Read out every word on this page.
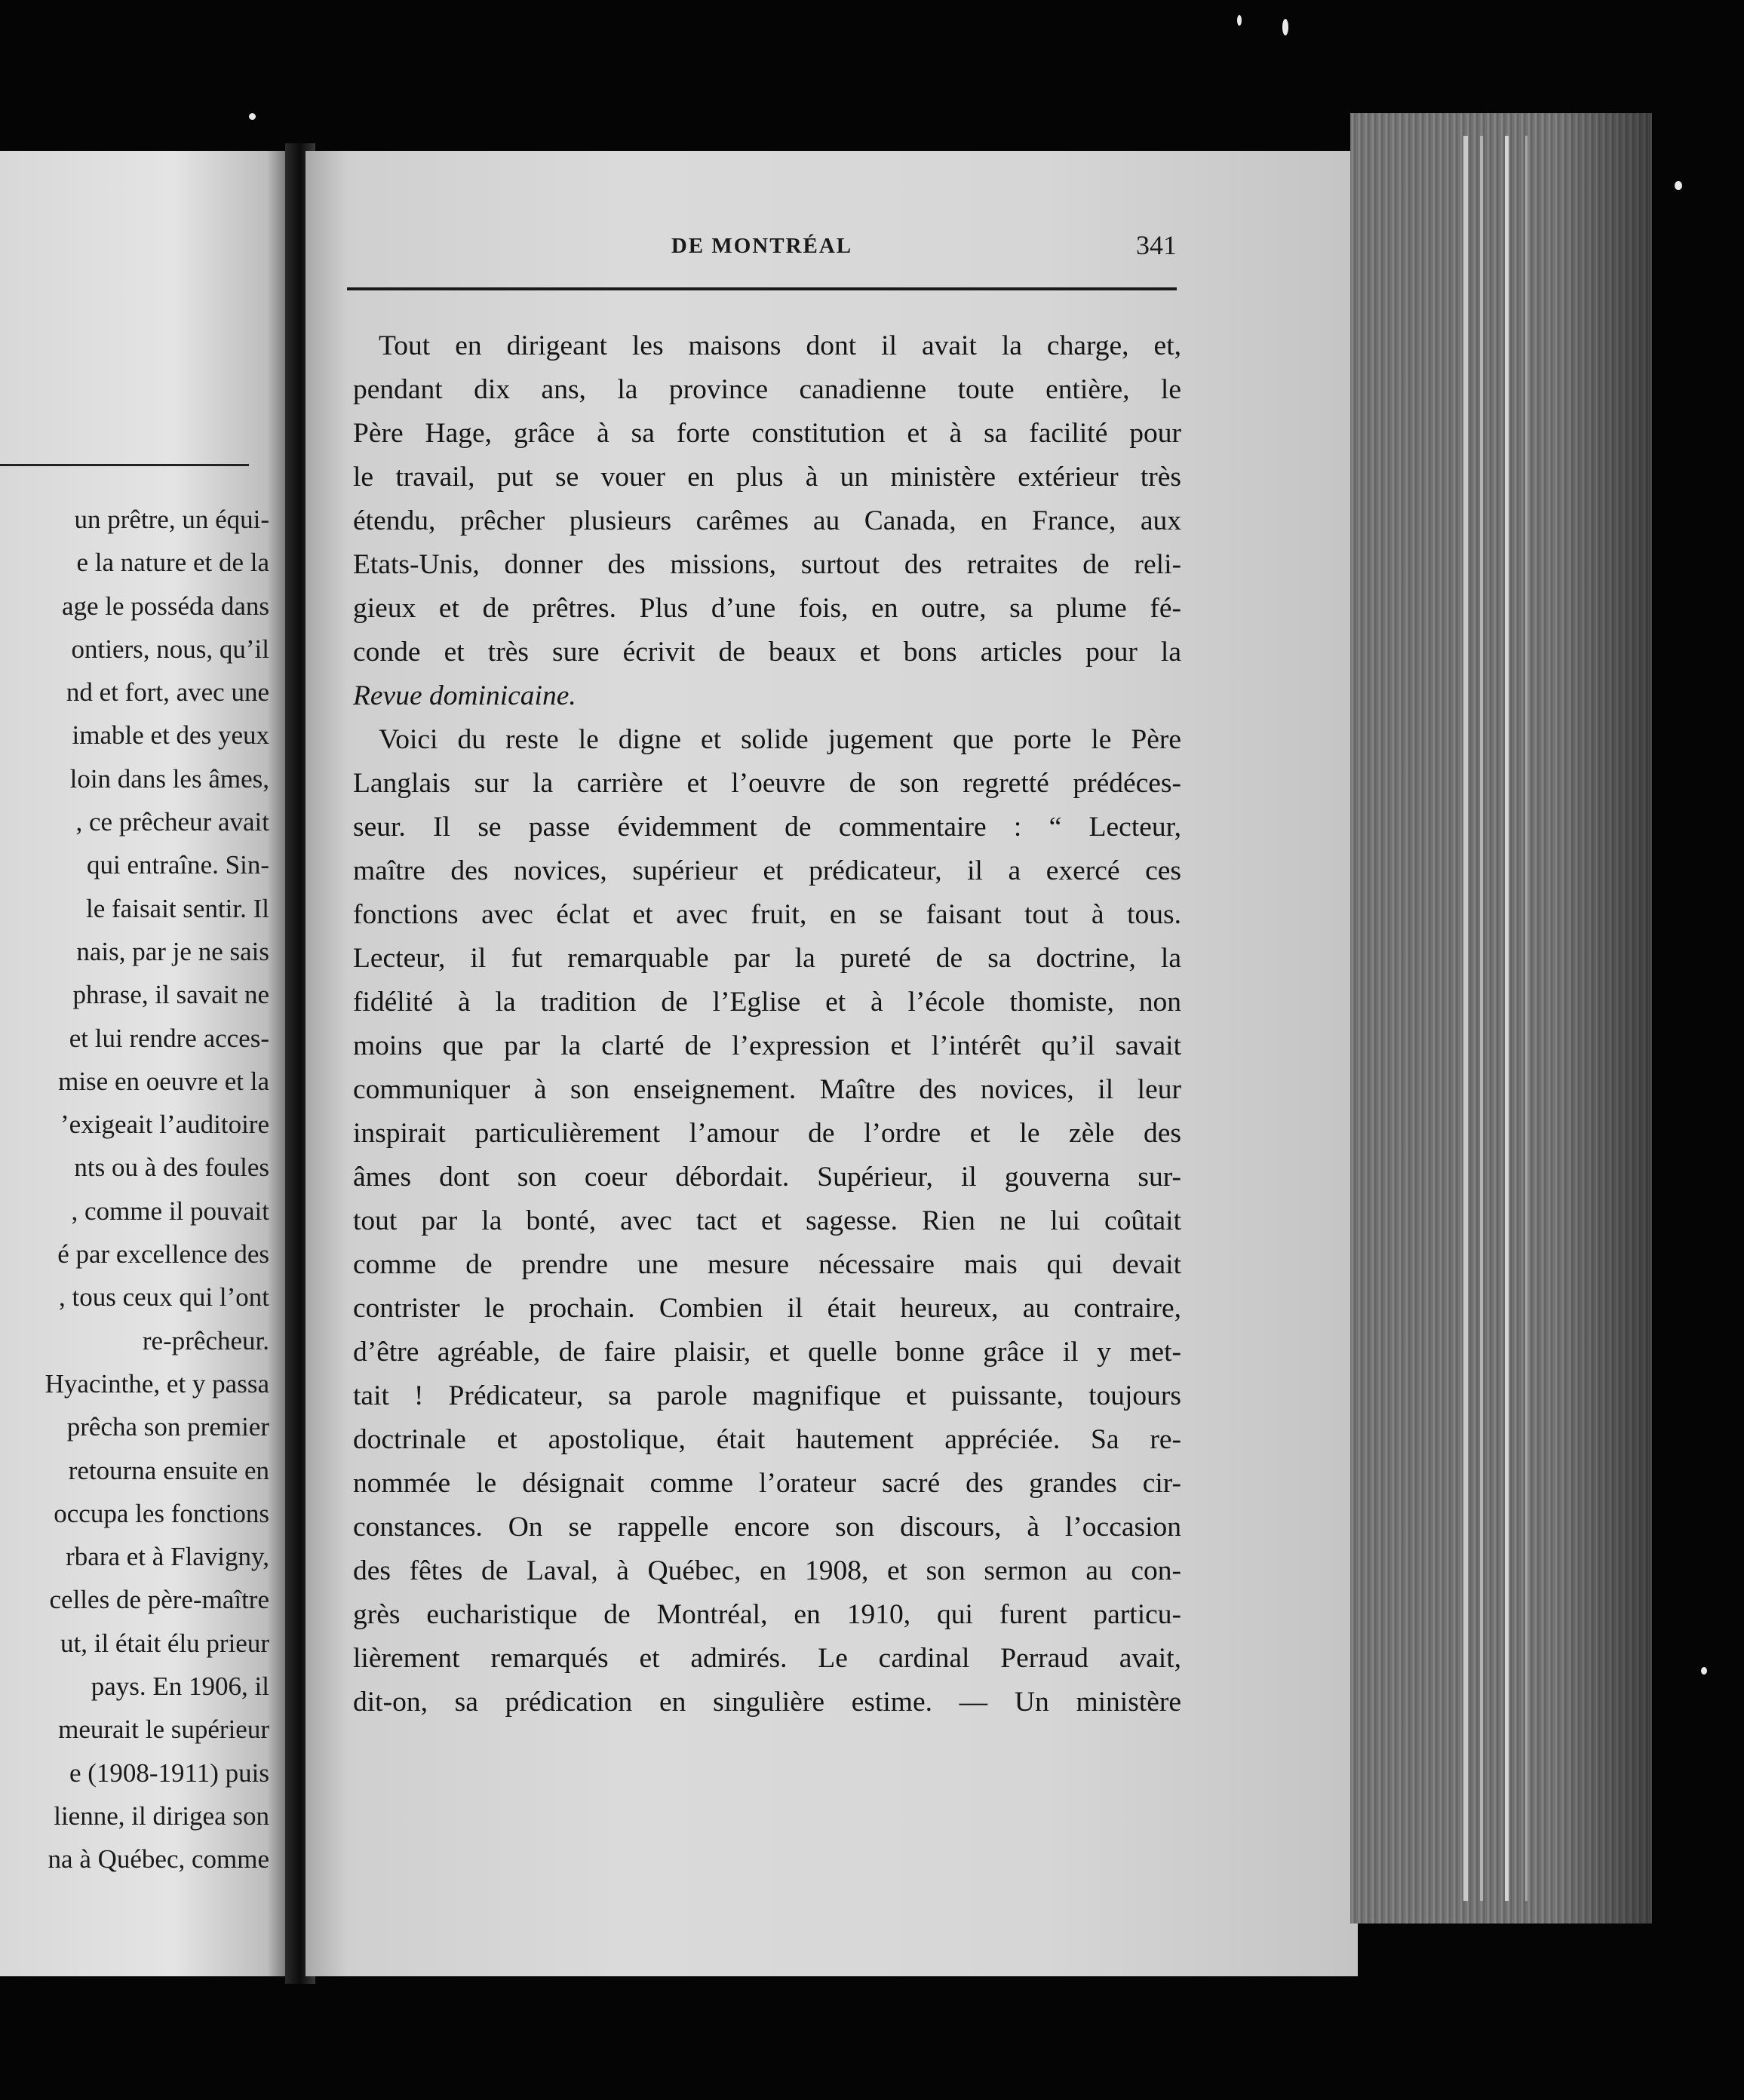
un prêtre, un équi-
e la nature et de la
age le posséda dans
ontiers, nous, qu’il
nd et fort, avec une
imable et des yeux
loin dans les âmes,
, ce prêcheur avait
qui entraîne. Sin-
le faisait sentir. Il
nais, par je ne sais
phrase, il savait ne
et lui rendre acces-
mise en oeuvre et la
’exigeait l’auditoire
nts ou à des foules
, comme il pouvait
é par excellence des
, tous ceux qui l’ont
re-prêcheur.
Hyacinthe, et y passa
prêcha son premier
retourna ensuite en
occupa les fonctions
rbara et à Flavigny,
celles de père-maître
ut, il était élu prieur
pays. En 1906, il
meurait le supérieur
e (1908-1911) puis
lienne, il dirigea son
na à Québec, comme
DE MONTRÉAL	341
Tout en dirigeant les maisons dont il avait la charge, et,
pendant dix ans, la province canadienne toute entière, le
Père Hage, grâce à sa forte constitution et à sa facilité pour
le travail, put se vouer en plus à un ministère extérieur très
étendu, prêcher plusieurs carêmes au Canada, en France, aux
Etats-Unis, donner des missions, surtout des retraites de reli-
gieux et de prêtres. Plus d’une fois, en outre, sa plume fé-
conde et très sure écrivit de beaux et bons articles pour la
Revue dominicaine.
Voici du reste le digne et solide jugement que porte le Père
Langlais sur la carrière et l’oeuvre de son regretté prédéces-
seur. Il se passe évidemment de commentaire : “ Lecteur,
maître des novices, supérieur et prédicateur, il a exercé ces
fonctions avec éclat et avec fruit, en se faisant tout à tous.
Lecteur, il fut remarquable par la pureté de sa doctrine, la
fidélité à la tradition de l’Eglise et à l’école thomiste, non
moins que par la clarté de l’expression et l’intérêt qu’il savait
communiquer à son enseignement. Maître des novices, il leur
inspirait particulièrement l’amour de l’ordre et le zèle des
âmes dont son coeur débordait. Supérieur, il gouverna sur-
tout par la bonté, avec tact et sagesse. Rien ne lui coûtait
comme de prendre une mesure nécessaire mais qui devait
contrister le prochain. Combien il était heureux, au contraire,
d’être agréable, de faire plaisir, et quelle bonne grâce il y met-
tait ! Prédicateur, sa parole magnifique et puissante, toujours
doctrinale et apostolique, était hautement appréciée. Sa re-
nommée le désignait comme l’orateur sacré des grandes cir-
constances. On se rappelle encore son discours, à l’occasion
des fêtes de Laval, à Québec, en 1908, et son sermon au con-
grès eucharistique de Montréal, en 1910, qui furent particu-
lièrement remarqués et admirés. Le cardinal Perraud avait,
dit-on, sa prédication en singulière estime. — Un ministère
